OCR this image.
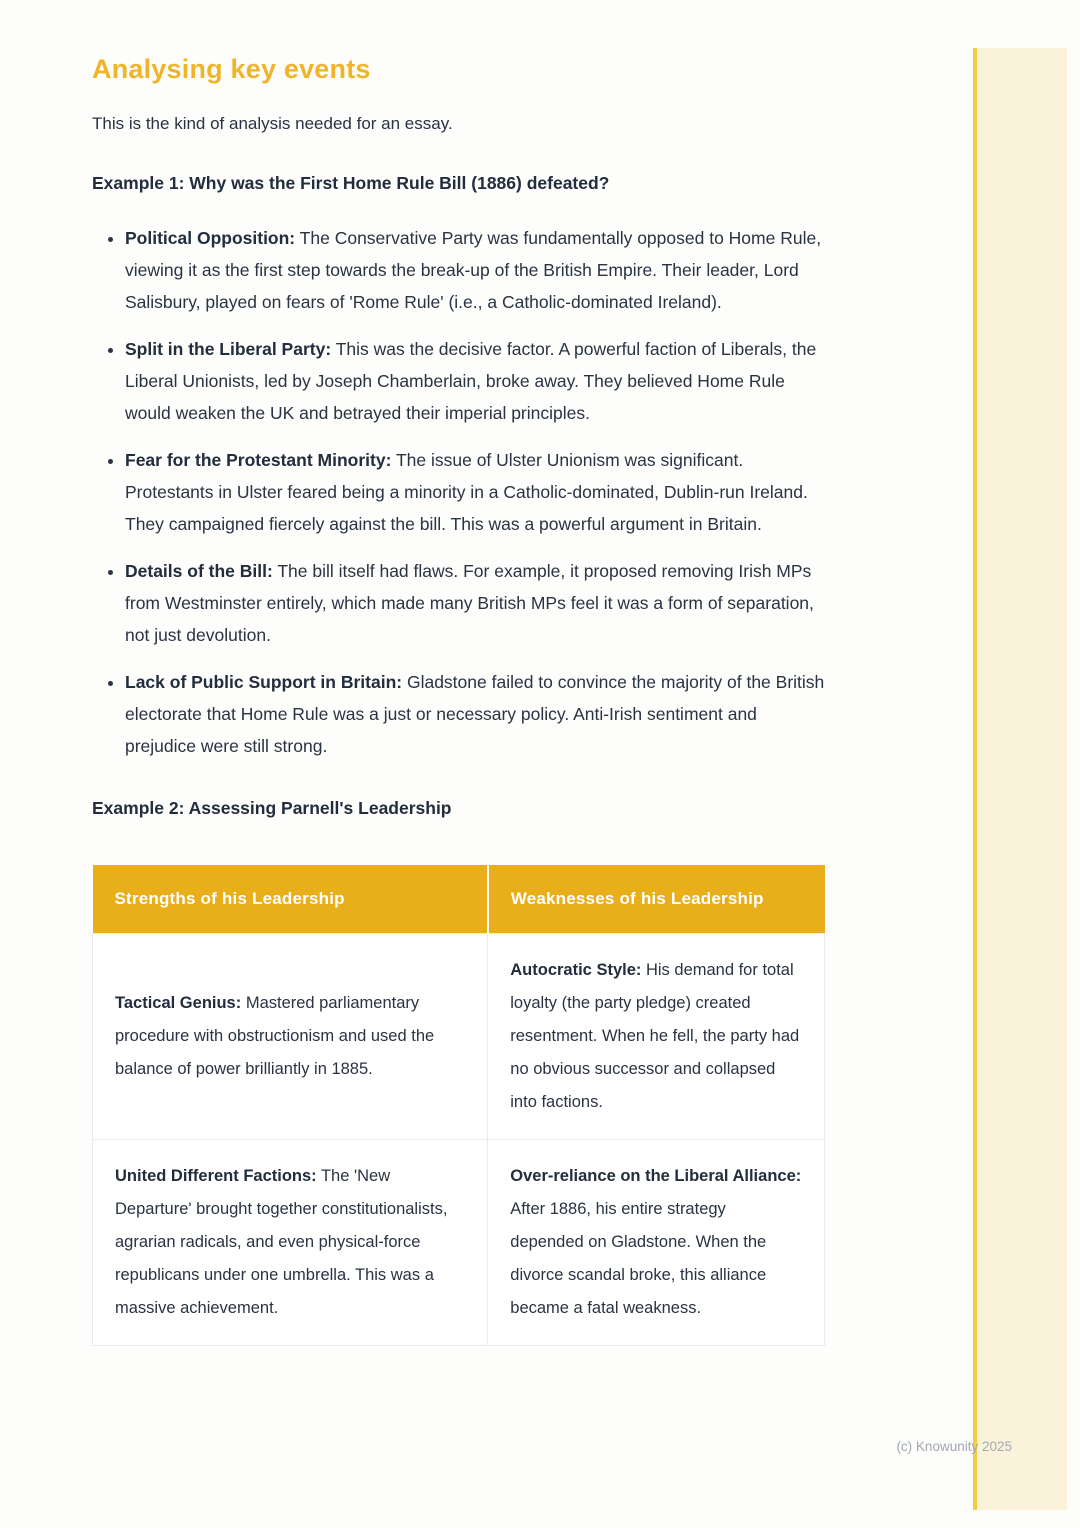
Analysing key events

This is the kind of analysis needed for an essay.

Example 1: Why was the First Home Rule Bill (1886) defeated?
• Political Opposition: The Conservative Party was fundamentally opposed to Home Rule, viewing it as the first step towards the break-up of the British Empire. Their leader, Lord Salisbury, played on fears of 'Rome Rule' (i.e., a Catholic-dominated Ireland).
• Split in the Liberal Party: This was the decisive factor. A powerful faction of Liberals, the Liberal Unionists, led by Joseph Chamberlain, broke away. They believed Home Rule would weaken the UK and betrayed their imperial principles.
• Fear for the Protestant Minority: The issue of Ulster Unionism was significant. Protestants in Ulster feared being a minority in a Catholic-dominated, Dublin-run Ireland. They campaigned fiercely against the bill. This was a powerful argument in Britain.
• Details of the Bill: The bill itself had flaws. For example, it proposed removing Irish MPs from Westminster entirely, which made many British MPs feel it was a form of separation, not just devolution.
• Lack of Public Support in Britain: Gladstone failed to convince the majority of the British electorate that Home Rule was a just or necessary policy. Anti-Irish sentiment and prejudice were still strong.
Example 2: Assessing Parnell's Leadership
Strengths of his Leadership	Weaknesses of his Leadership
Tactical Genius: Mastered parliamentary procedure with obstructionism and used the balance of power brilliantly in 1885.	Autocratic Style: His demand for total loyalty (the party pledge) created resentment. When he fell, the party had no obvious successor and collapsed into factions.
United Different Factions: The 'New Departure' brought together constitutionalists, agrarian radicals, and even physical-force republicans under one umbrella. This was a massive achievement.	Over-reliance on the Liberal Alliance: After 1886, his entire strategy depended on Gladstone. When the divorce scandal broke, this alliance became a fatal weakness.
(c) Knowunity 2025
